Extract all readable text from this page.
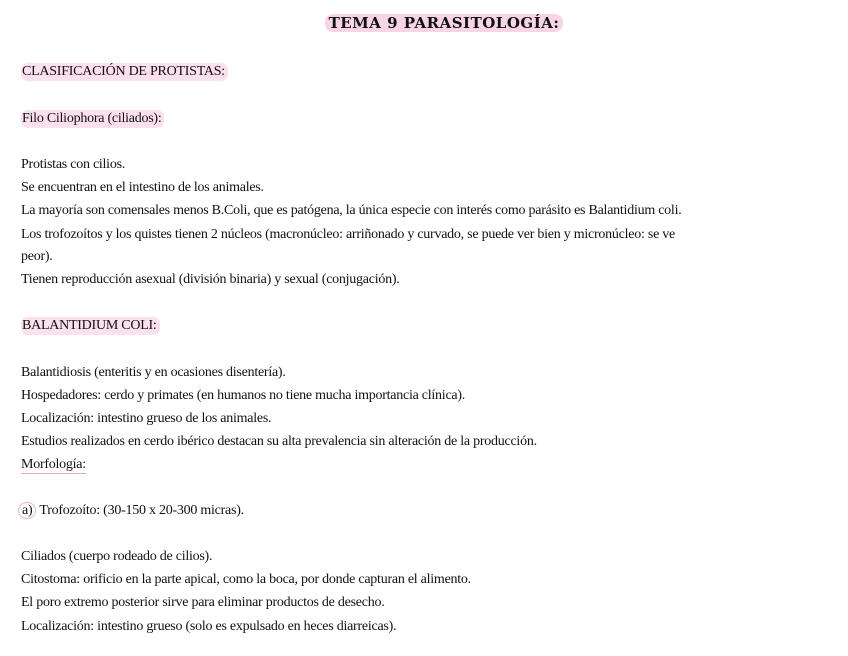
TEMA 9 PARASITOLOGÍA:
CLASIFICACIÓN DE PROTISTAS:
Filo Ciliophora (ciliados):
Protistas con cilios.
Se encuentran en el intestino de los animales.
La mayoría son comensales menos B.Coli, que es patógena, la única especie con interés como parásito es Balantidium coli.
Los trofozoítos y los quistes tienen 2 núcleos (macronúcleo: arriñonado y curvado, se puede ver bien y micronúcleo: se ve
peor).
Tienen reproducción asexual (división binaria) y sexual (conjugación).
BALANTIDIUM COLI:
Balantidiosis (enteritis y en ocasiones disentería).
Hospedadores: cerdo y primates (en humanos no tiene mucha importancia clínica).
Localización: intestino grueso de los animales.
Estudios realizados en cerdo ibérico destacan su alta prevalencia sin alteración de la producción.
Morfología:
a) Trofozoíto: (30-150 x 20-300 micras).
Ciliados (cuerpo rodeado de cilios).
Citostoma: orificio en la parte apical, como la boca, por donde capturan el alimento.
El poro extremo posterior sirve para eliminar productos de desecho.
Localización: intestino grueso (solo es expulsado en heces diarreicas).
